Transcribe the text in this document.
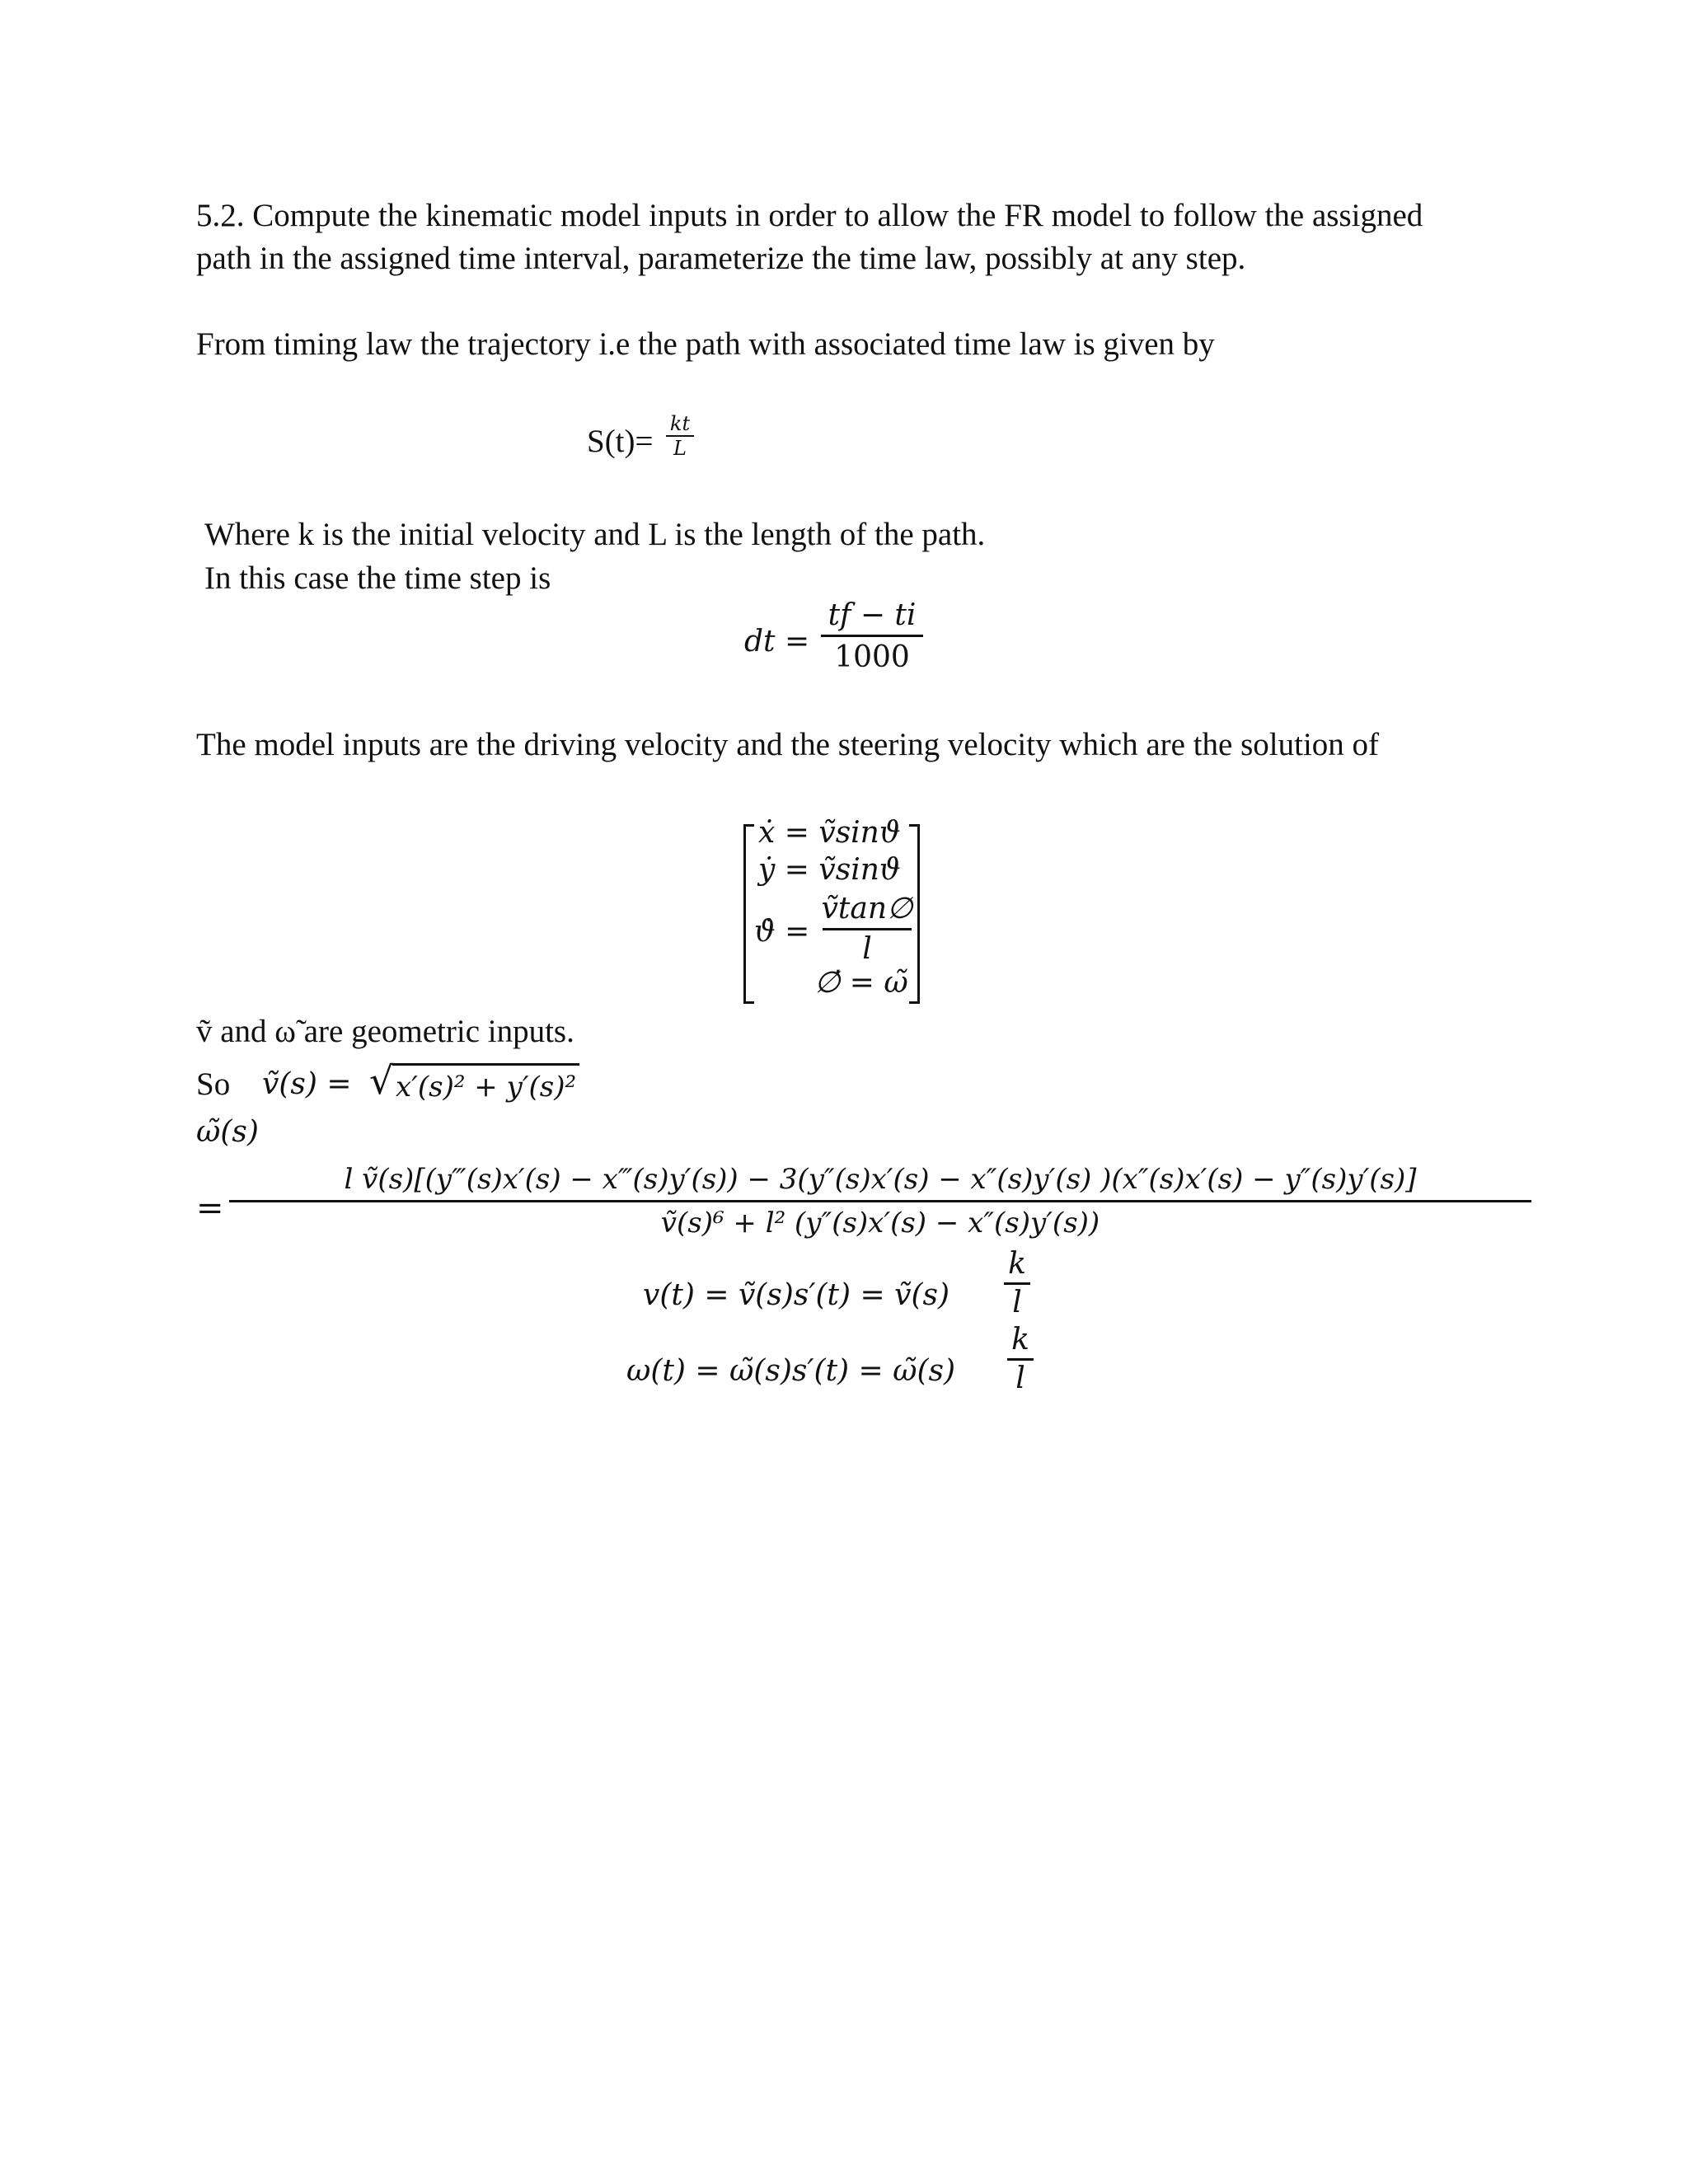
5.2. Compute the kinematic model inputs in order to allow the FR model to follow the assigned
path in the assigned time interval, parameterize the time law, possibly at any step.
From timing law the trajectory i.e the path with associated time law is given by
S(t)= kt
L
Where k is the initial velocity and L is the length of the path.
In this case the time step is
dt =
tf − ti
1000
The model inputs are the driving velocity and the steering velocity which are the solution of
ẋ = ṽsinϑ
ẏ = ṽsinϑ
ϑ̇ =
ṽtan∅
l
∅̇ = ω̃
ṽ and ω̃ are geometric inputs.
So ṽ(s) = √ x′(s)² + y′(s)²
ω̃(s)
=
l ṽ(s)[(y‴(s)x′(s) − x‴(s)y′(s)) − 3(y″(s)x′(s) − x″(s)y′(s) )(x″(s)x′(s) − y″(s)y′(s)]
ṽ(s)⁶ + l² (y″(s)x′(s) − x″(s)y′(s))
v(t) = ṽ(s)s′(t) = ṽ(s)
k
l
ω(t) = ω̃(s)s′(t) = ω̃(s)
k
l
